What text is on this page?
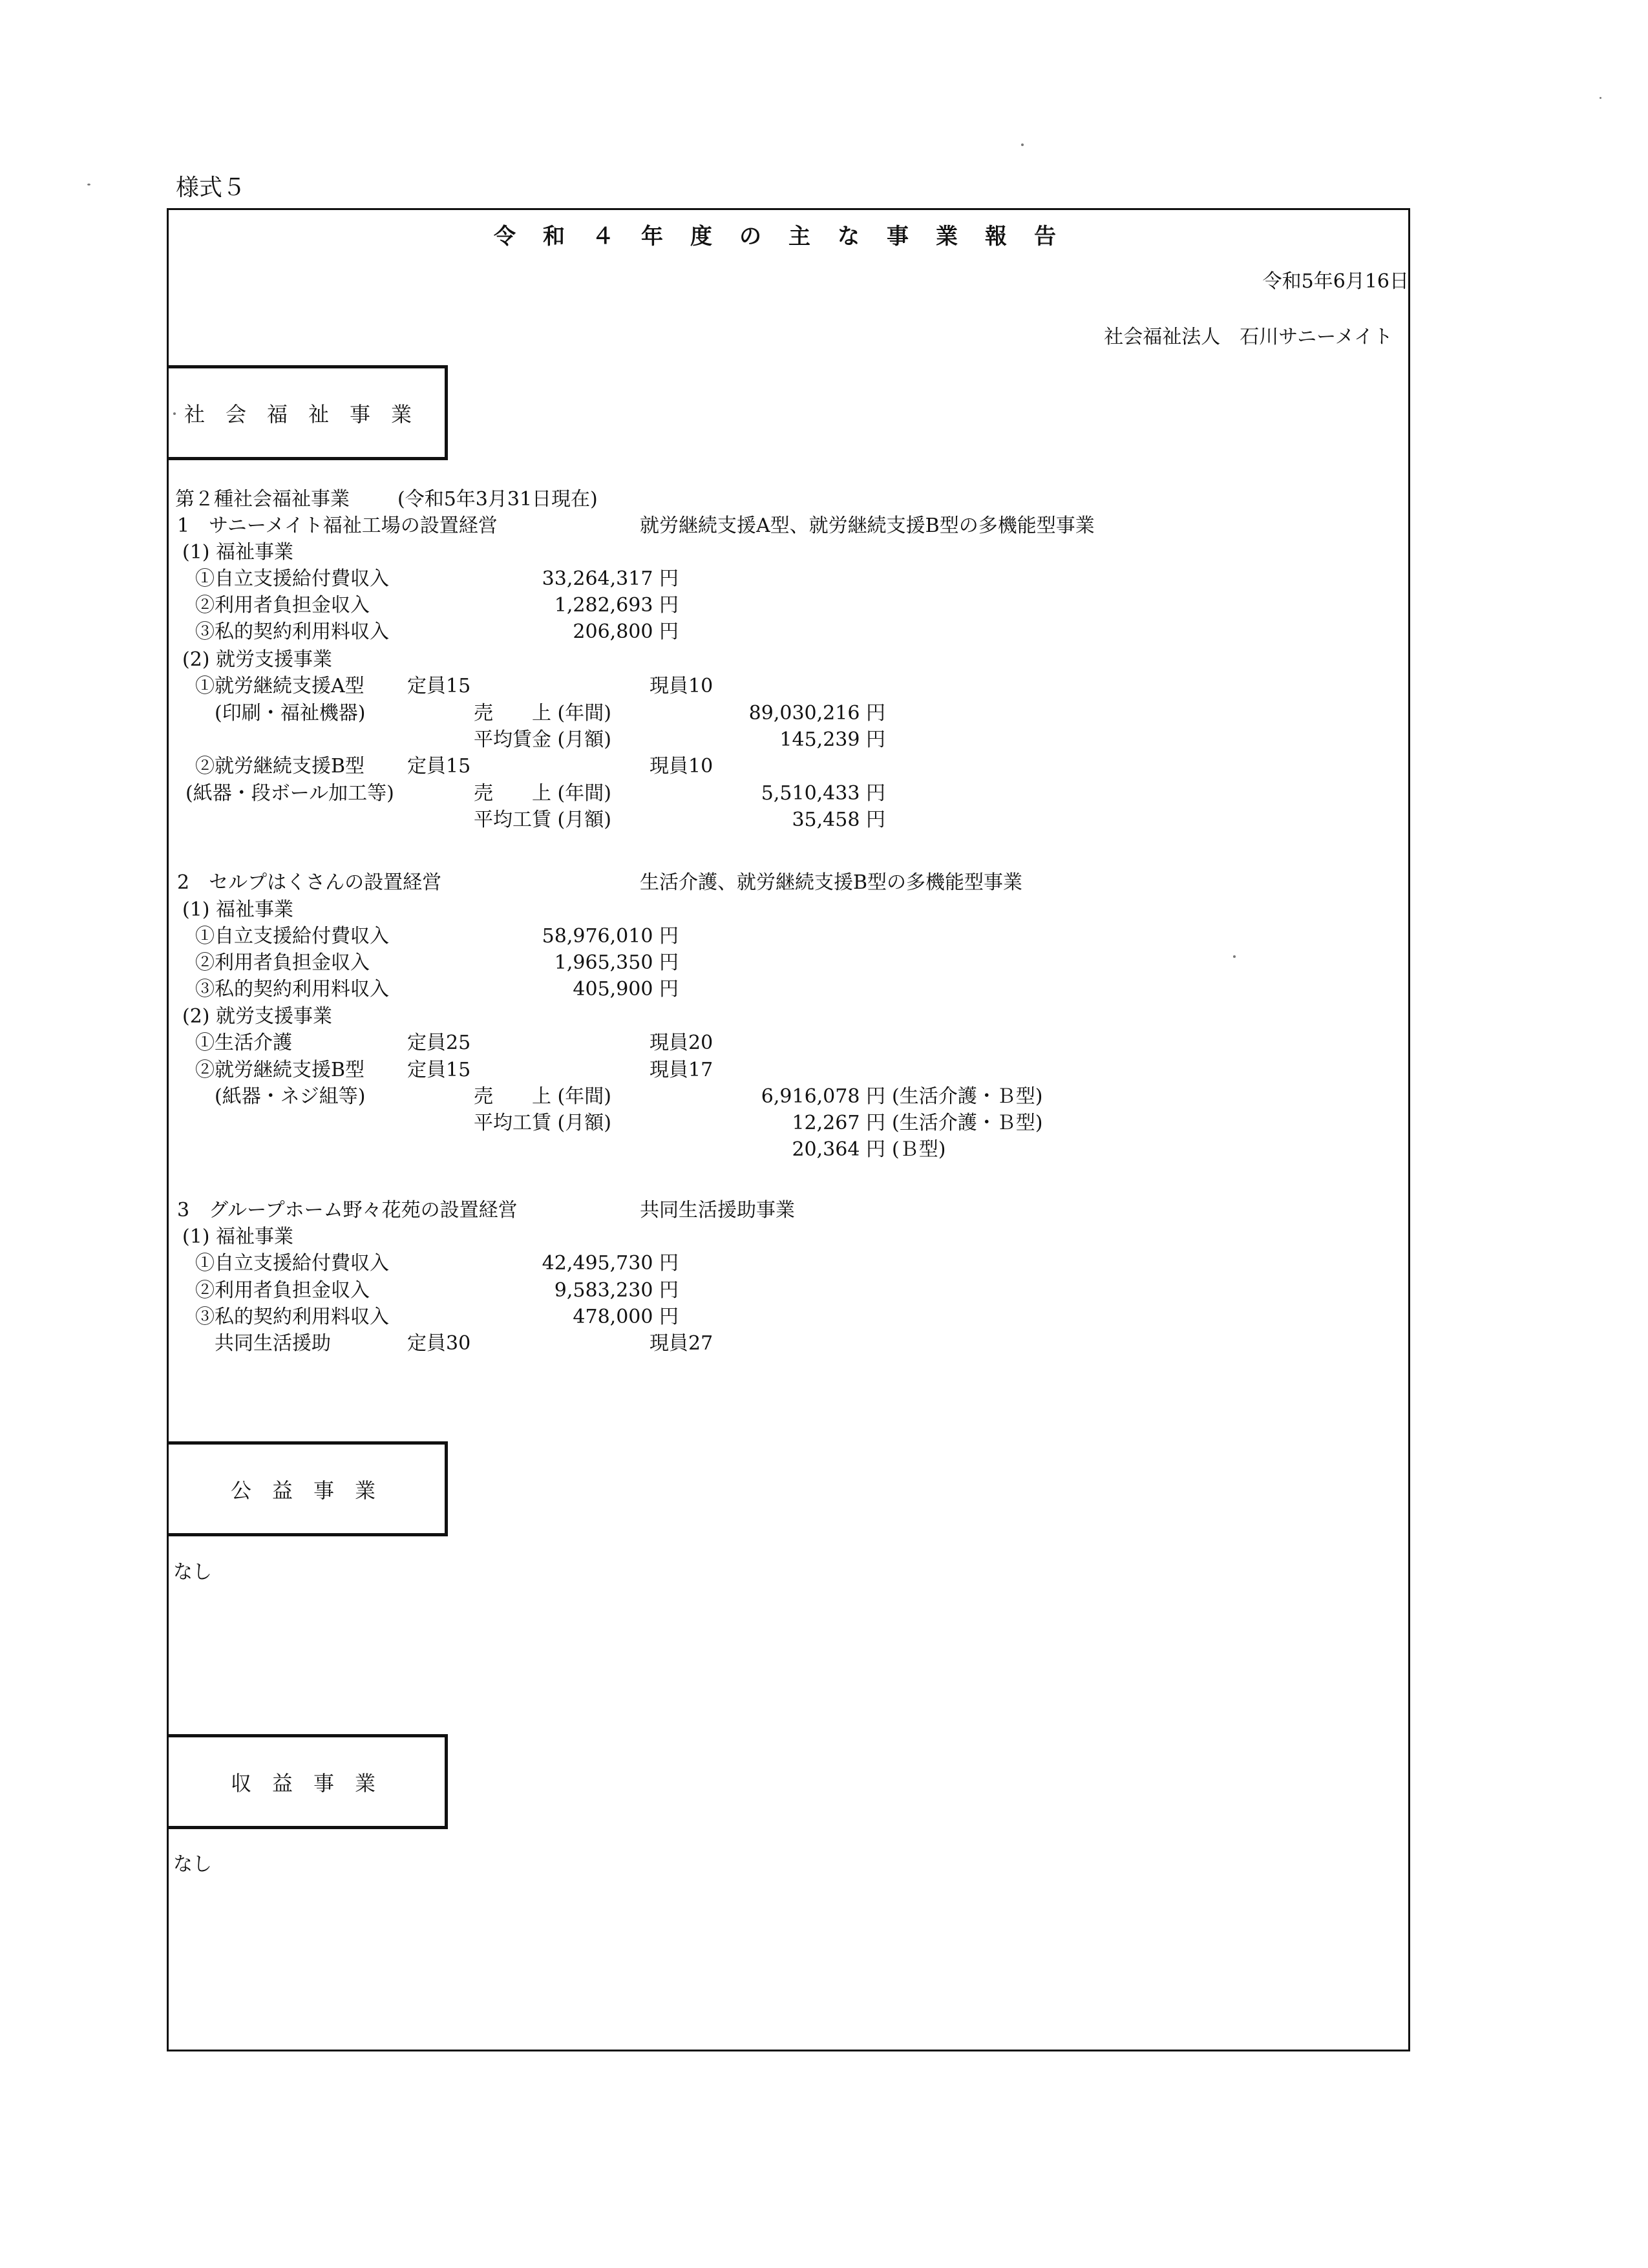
様式５
令和４年度の主な事業報告
令和5年6月16日
社会福祉法人　石川サニーメイト
社会福祉事業
第２種社会福祉事業 (令和5年3月31日現在)
1　サニーメイト福祉工場の設置経営	就労継続支援A型、就労継続支援B型の多機能型事業
(1) 福祉事業
①自立支援給付費収入	33,264,317 円
②利用者負担金収入	1,282,693 円
③私的契約利用料収入	206,800 円
(2) 就労支援事業
①就労継続支援A型 定員15	現員10
(印刷・福祉機器)	売　　上 (年間)	89,030,216 円
平均賃金 (月額)	145,239 円
②就労継続支援B型 定員15	現員10
(紙器・段ボール加工等)	売　　上 (年間)	5,510,433 円
平均工賃 (月額)	35,458 円
2　セルプはくさんの設置経営	生活介護、就労継続支援B型の多機能型事業
(1) 福祉事業
①自立支援給付費収入	58,976,010 円
②利用者負担金収入	1,965,350 円
③私的契約利用料収入	405,900 円
(2) 就労支援事業
①生活介護	定員25	現員20
②就労継続支援B型 定員15	現員17
(紙器・ネジ組等)	売　　上 (年間)	6,916,078 円 (生活介護・Ｂ型)
平均工賃 (月額)	12,267 円 (生活介護・Ｂ型)
20,364 円 (Ｂ型)
3　グループホーム野々花苑の設置経営	共同生活援助事業
(1) 福祉事業
①自立支援給付費収入	42,495,730 円
②利用者負担金収入	9,583,230 円
③私的契約利用料収入	478,000 円
共同生活援助	定員30	現員27
公益事業
なし
収益事業
なし
